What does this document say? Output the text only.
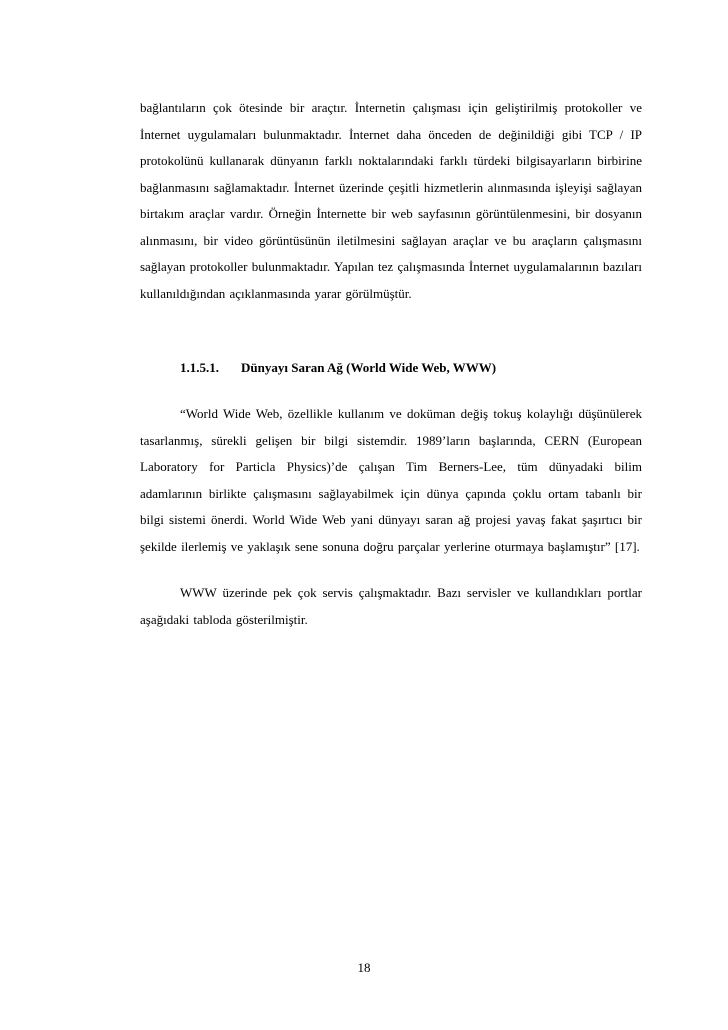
bağlantıların çok ötesinde bir araçtır. İnternetin çalışması için geliştirilmiş protokoller ve İnternet uygulamaları bulunmaktadır. İnternet daha önceden de değinildiği gibi TCP / IP protokolünü kullanarak dünyanın farklı noktalarındaki farklı türdeki bilgisayarların birbirine bağlanmasını sağlamaktadır. İnternet üzerinde çeşitli hizmetlerin alınmasında işleyişi sağlayan birtakım araçlar vardır. Örneğin İnternette bir web sayfasının görüntülenmesini, bir dosyanın alınmasını, bir video görüntüsünün iletilmesini sağlayan araçlar ve bu araçların çalışmasını sağlayan protokoller bulunmaktadır. Yapılan tez çalışmasında İnternet uygulamalarının bazıları kullanıldığından açıklanmasında yarar görülmüştür.

1.1.5.1. Dünyayı Saran Ağ (World Wide Web, WWW)

“World Wide Web, özellikle kullanım ve doküman değiş tokuş kolaylığı düşünülerek tasarlanmış, sürekli gelişen bir bilgi sistemdir. 1989’ların başlarında, CERN (European Laboratory for Particla Physics)’de çalışan Tim Berners-Lee, tüm dünyadaki bilim adamlarının birlikte çalışmasını sağlayabilmek için dünya çapında çoklu ortam tabanlı bir bilgi sistemi önerdi. World Wide Web yani dünyayı saran ağ projesi yavaş fakat şaşırtıcı bir şekilde ilerlemiş ve yaklaşık sene sonuna doğru parçalar yerlerine oturmaya başlamıştır” [17].

WWW üzerinde pek çok servis çalışmaktadır. Bazı servisler ve kullandıkları portlar aşağıdaki tabloda gösterilmiştir.

18
